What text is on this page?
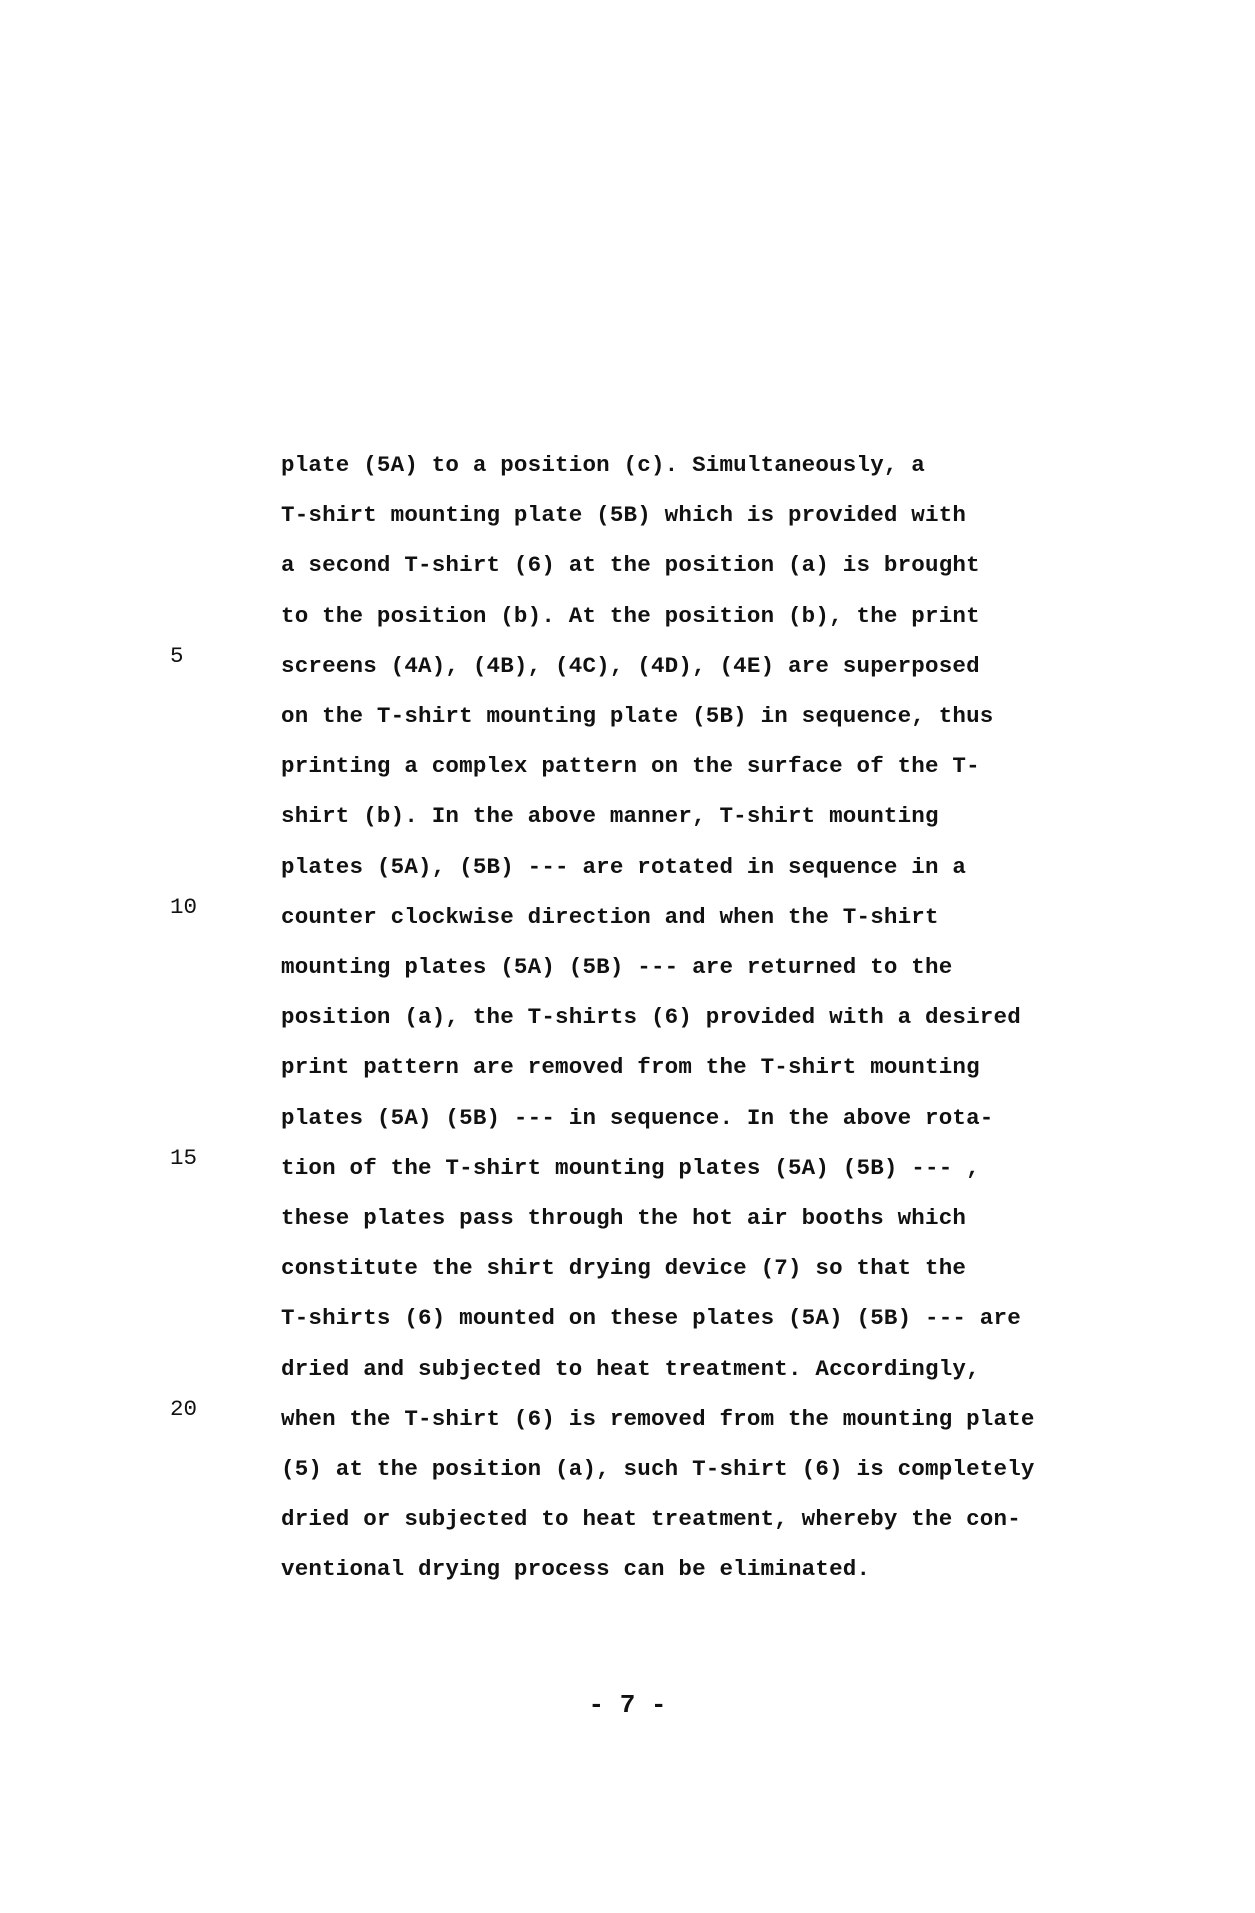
5
10
15
20
plate (5A) to a position (c). Simultaneously, a
T-shirt mounting plate (5B) which is provided with
a second T-shirt (6) at the position (a) is brought
to the position (b). At the position (b), the print
screens (4A), (4B), (4C), (4D), (4E) are superposed
on the T-shirt mounting plate (5B) in sequence, thus
printing a complex pattern on the surface of the T-
shirt (b). In the above manner, T-shirt mounting
plates (5A), (5B) --- are rotated in sequence in a
counter clockwise direction and when the T-shirt
mounting plates (5A) (5B) --- are returned to the
position (a), the T-shirts (6) provided with a desired
print pattern are removed from the T-shirt mounting
plates (5A) (5B) --- in sequence. In the above rota-
tion of the T-shirt mounting plates (5A) (5B) --- ,
these plates pass through the hot air booths which
constitute the shirt drying device (7) so that the
T-shirts (6) mounted on these plates (5A) (5B) --- are
dried and subjected to heat treatment. Accordingly,
when the T-shirt (6) is removed from the mounting plate
(5) at the position (a), such T-shirt (6) is completely
dried or subjected to heat treatment, whereby the con-
ventional drying process can be eliminated.
- 7 -
